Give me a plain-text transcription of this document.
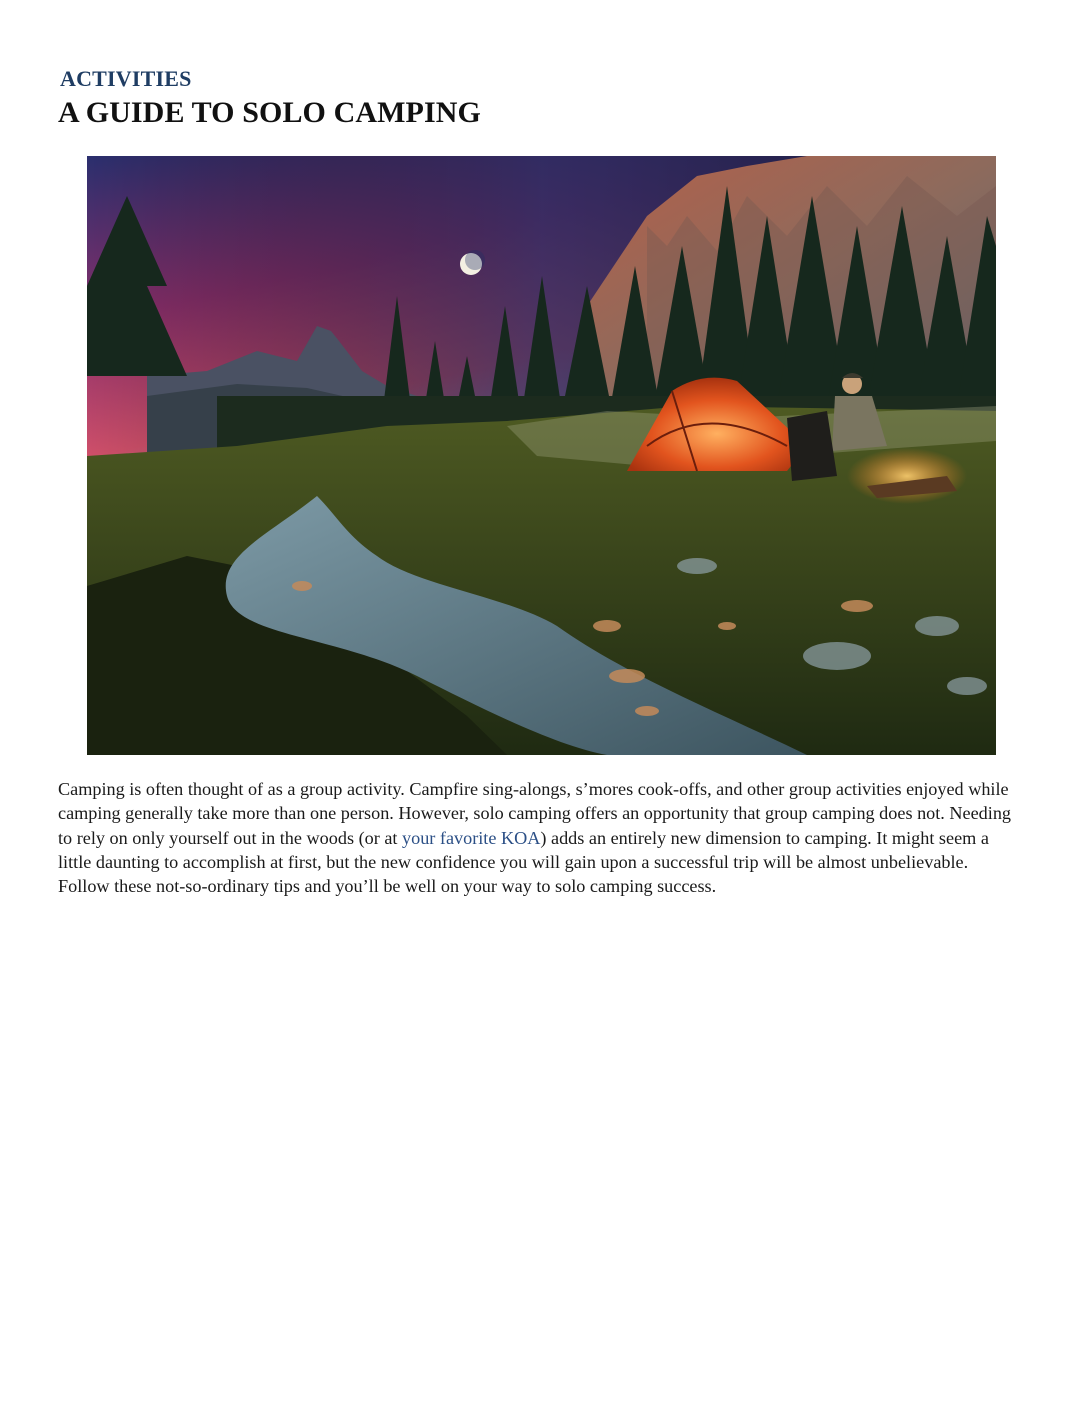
ACTIVITIES
A GUIDE TO SOLO CAMPING

Camping is often thought of as a group activity. Campfire sing-alongs, s’mores cook-offs, and other group activities enjoyed while camping generally take more than one person. However, solo camping offers an opportunity that group camping does not. Needing to rely on only yourself out in the woods (or at your favorite KOA) adds an entirely new dimension to camping. It might seem a little daunting to accomplish at first, but the new confidence you will gain upon a successful trip will be almost unbelievable. Follow these not-so-ordinary tips and you’ll be well on your way to solo camping success.
